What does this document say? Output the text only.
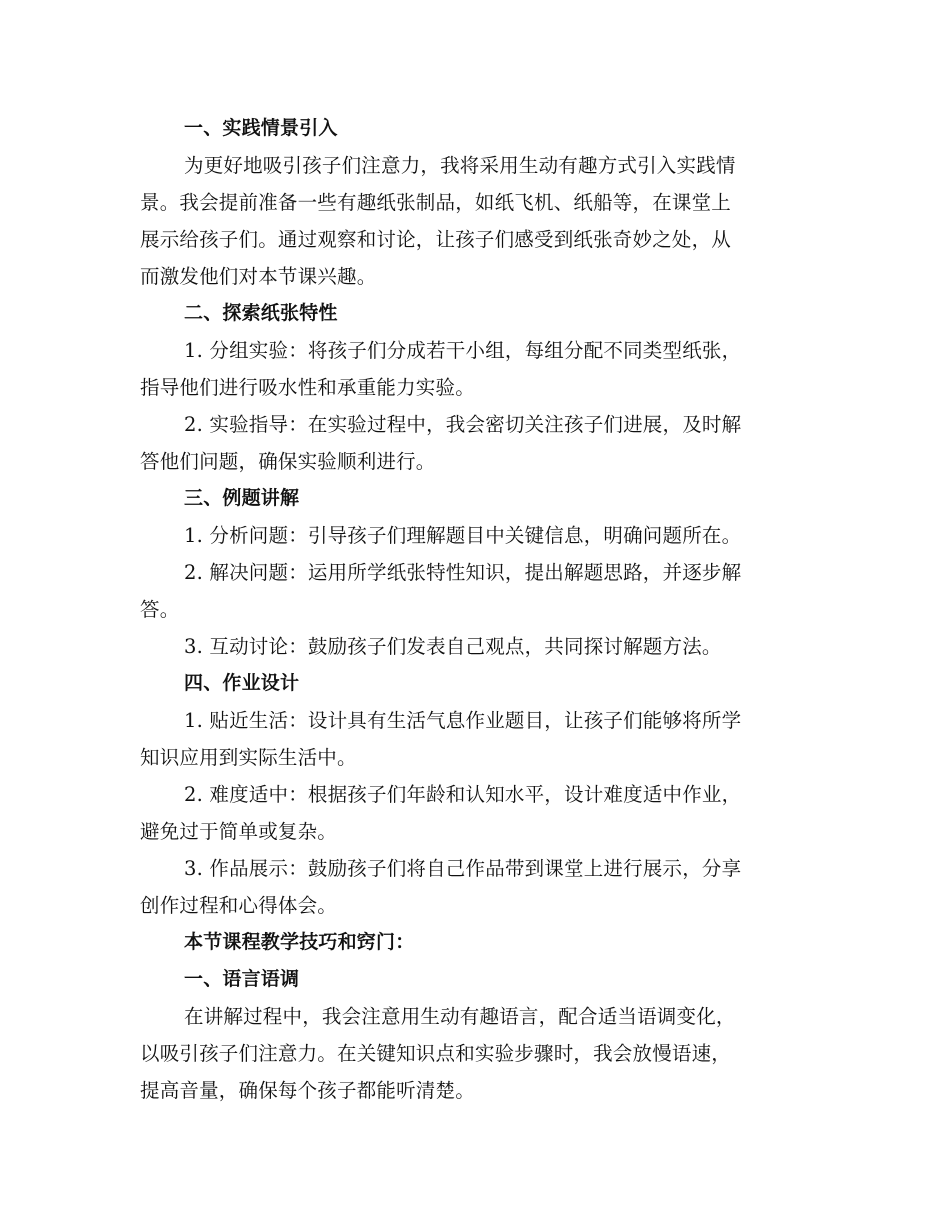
一、实践情景引入
为更好地吸引孩子们注意力，我将采用生动有趣方式引入实践情
景。我会提前准备一些有趣纸张制品，如纸飞机、纸船等，在课堂上
展示给孩子们。通过观察和讨论，让孩子们感受到纸张奇妙之处，从
而激发他们对本节课兴趣。
二、探索纸张特性
1. 分组实验：将孩子们分成若干小组，每组分配不同类型纸张，
指导他们进行吸水性和承重能力实验。
2. 实验指导：在实验过程中，我会密切关注孩子们进展，及时解
答他们问题，确保实验顺利进行。
三、例题讲解
1. 分析问题：引导孩子们理解题目中关键信息，明确问题所在。
2. 解决问题：运用所学纸张特性知识，提出解题思路，并逐步解
答。
3. 互动讨论：鼓励孩子们发表自己观点，共同探讨解题方法。
四、作业设计
1. 贴近生活：设计具有生活气息作业题目，让孩子们能够将所学
知识应用到实际生活中。
2. 难度适中：根据孩子们年龄和认知水平，设计难度适中作业，
避免过于简单或复杂。
3. 作品展示：鼓励孩子们将自己作品带到课堂上进行展示，分享
创作过程和心得体会。
本节课程教学技巧和窍门：
一、语言语调
在讲解过程中，我会注意用生动有趣语言，配合适当语调变化，
以吸引孩子们注意力。在关键知识点和实验步骤时，我会放慢语速，
提高音量，确保每个孩子都能听清楚。
